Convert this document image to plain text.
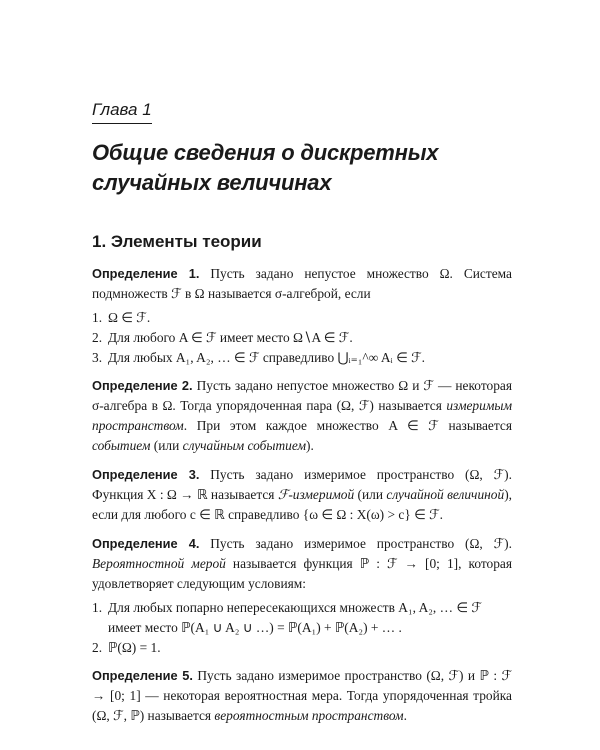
Глава 1
Общие сведения о дискретных
случайных величинах
1. Элементы теории

Определение 1. Пусть задано непустое множество Ω. Система подмножеств ℱ в Ω называется σ-алгеброй, если

1. Ω ∈ ℱ.
2. Для любого A ∈ ℱ имеет место Ω∖A ∈ ℱ.
3. Для любых A₁, A₂, … ∈ ℱ справедливо ⋃ᵢ₌₁^∞ Aᵢ ∈ ℱ.

Определение 2. Пусть задано непустое множество Ω и ℱ — некоторая σ-алгебра в Ω. Тогда упорядоченная пара (Ω, ℱ) называется измеримым пространством. При этом каждое множество A ∈ ℱ называется событием (или случайным событием).

Определение 3. Пусть задано измеримое пространство (Ω, ℱ). Функция X : Ω → ℝ называется ℱ-измеримой (или случайной величиной), если для любого c ∈ ℝ справедливо {ω ∈ Ω : X(ω) > c} ∈ ℱ.

Определение 4. Пусть задано измеримое пространство (Ω, ℱ). Вероятностной мерой называется функция ℙ : ℱ → [0; 1], которая удовлетворяет следующим условиям:

1. Для любых попарно непересекающихся множеств A₁, A₂, … ∈ ℱ имеет место ℙ(A₁ ∪ A₂ ∪ …) = ℙ(A₁) + ℙ(A₂) + … .
2. ℙ(Ω) = 1.

Определение 5. Пусть задано измеримое пространство (Ω, ℱ) и ℙ : ℱ → [0; 1] — некоторая вероятностная мера. Тогда упорядоченная тройка (Ω, ℱ, ℙ) называется вероятностным пространством.
